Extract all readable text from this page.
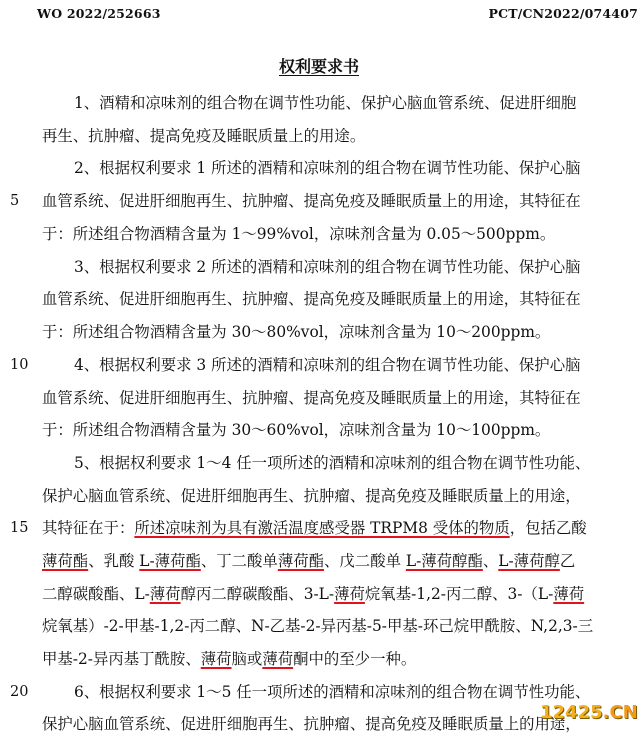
WO 2022/252663	PCT/CN2022/074407
权利要求书
5
10
15
20
1、酒精和凉味剂的组合物在调节性功能、保护心脑血管系统、促进肝细胞
再生、抗肿瘤、提高免疫及睡眠质量上的用途。
2、根据权利要求 1 所述的酒精和凉味剂的组合物在调节性功能、保护心脑
血管系统、促进肝细胞再生、抗肿瘤、提高免疫及睡眠质量上的用途，其特征在
于：所述组合物酒精含量为 1～99%vol，凉味剂含量为 0.05～500ppm。
3、根据权利要求 2 所述的酒精和凉味剂的组合物在调节性功能、保护心脑
血管系统、促进肝细胞再生、抗肿瘤、提高免疫及睡眠质量上的用途，其特征在
于：所述组合物酒精含量为 30～80%vol，凉味剂含量为 10～200ppm。
4、根据权利要求 3 所述的酒精和凉味剂的组合物在调节性功能、保护心脑
血管系统、促进肝细胞再生、抗肿瘤、提高免疫及睡眠质量上的用途，其特征在
于：所述组合物酒精含量为 30～60%vol，凉味剂含量为 10～100ppm。
5、根据权利要求 1～4 任一项所述的酒精和凉味剂的组合物在调节性功能、
保护心脑血管系统、促进肝细胞再生、抗肿瘤、提高免疫及睡眠质量上的用途，
其特征在于：所述凉味剂为具有激活温度感受器 TRPM8 受体的物质，包括乙酸
薄荷酯、乳酸 L-薄荷酯、丁二酸单薄荷酯、戊二酸单 L-薄荷醇酯、L-薄荷醇乙
二醇碳酸酯、L-薄荷醇丙二醇碳酸酯、3-L-薄荷烷氧基-1,2-丙二醇、3-（L-薄荷
烷氧基）-2-甲基-1,2-丙二醇、N-乙基-2-异丙基-5-甲基-环己烷甲酰胺、N,2,3-三
甲基-2-异丙基丁酰胺、薄荷脑或薄荷酮中的至少一种。
6、根据权利要求 1～5 任一项所述的酒精和凉味剂的组合物在调节性功能、
保护心脑血管系统、促进肝细胞再生、抗肿瘤、提高免疫及睡眠质量上的用途，
12425.CN
